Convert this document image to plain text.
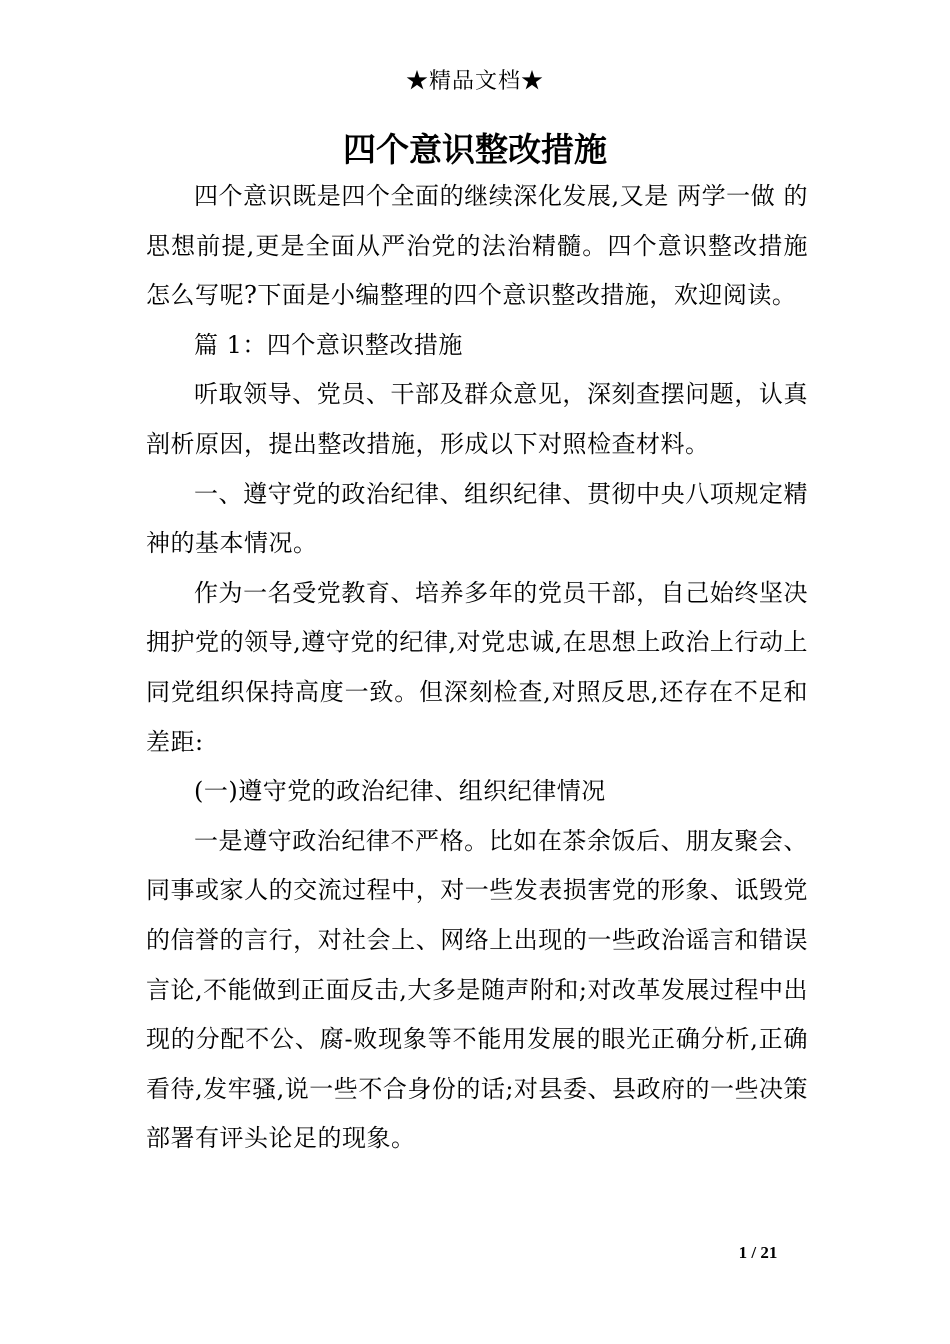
★精品文档★
四个意识整改措施

四个意识既是四个全面的继续深化发展,又是 两学一做 的思想前提,更是全面从严治党的法治精髓。四个意识整改措施怎么写呢?下面是小编整理的四个意识整改措施，欢迎阅读。

篇 1：四个意识整改措施

听取领导、党员、干部及群众意见，深刻查摆问题，认真剖析原因，提出整改措施，形成以下对照检查材料。

一、遵守党的政治纪律、组织纪律、贯彻中央八项规定精神的基本情况。

作为一名受党教育、培养多年的党员干部，自己始终坚决拥护党的领导,遵守党的纪律,对党忠诚,在思想上政治上行动上同党组织保持高度一致。但深刻检查,对照反思,还存在不足和差距:

(一)遵守党的政治纪律、组织纪律情况

一是遵守政治纪律不严格。比如在茶余饭后、朋友聚会、同事或家人的交流过程中，对一些发表损害党的形象、诋毁党的信誉的言行，对社会上、网络上出现的一些政治谣言和错误言论,不能做到正面反击,大多是随声附和;对改革发展过程中出现的分配不公、腐-败现象等不能用发展的眼光正确分析,正确看待,发牢骚,说一些不合身份的话;对县委、县政府的一些决策部署有评头论足的现象。

1 / 21
